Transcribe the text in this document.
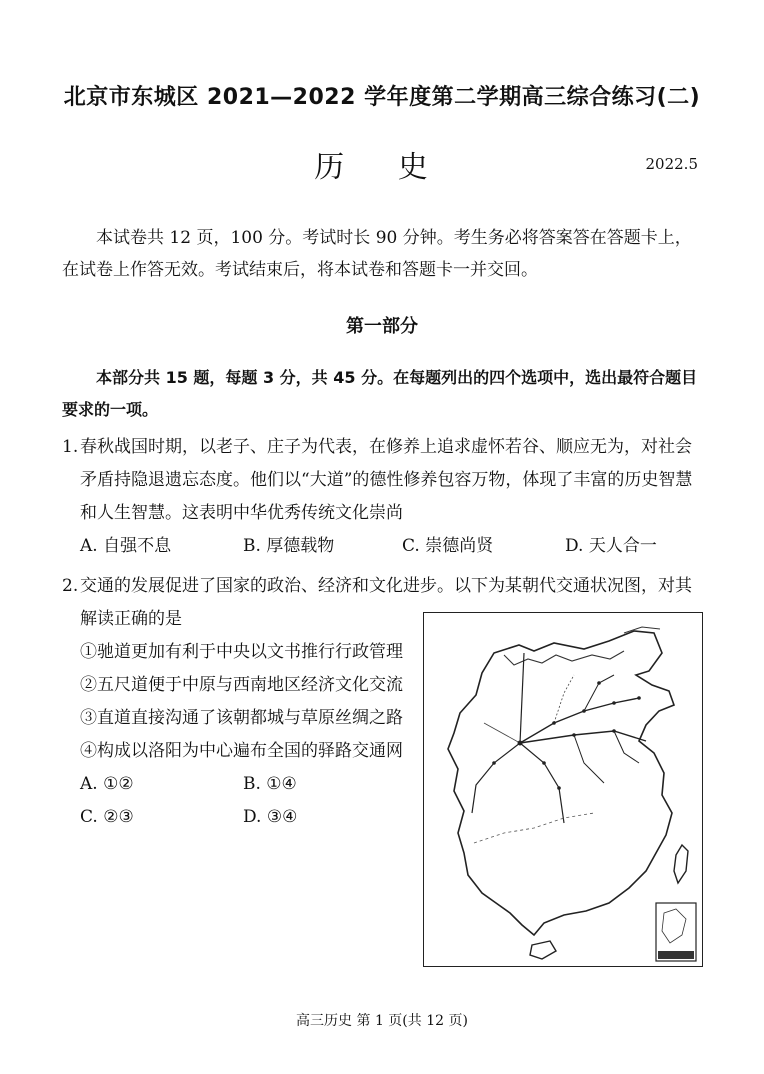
北京市东城区 2021—2022 学年度第二学期高三综合练习(二)
历 史	2022.5
本试卷共 12 页，100 分。考试时长 90 分钟。考生务必将答案答在答题卡上，在试卷上作答无效。考试结束后，将本试卷和答题卡一并交回。
第一部分
本部分共 15 题，每题 3 分，共 45 分。在每题列出的四个选项中，选出最符合题目要求的一项。
1. 春秋战国时期，以老子、庄子为代表，在修养上追求虚怀若谷、顺应无为，对社会矛盾持隐退遗忘态度。他们以“大道”的德性修养包容万物，体现了丰富的历史智慧和人生智慧。这表明中华优秀传统文化崇尚
A. 自强不息	B. 厚德载物	C. 崇德尚贤	D. 天人合一
2. 交通的发展促进了国家的政治、经济和文化进步。以下为某朝代交通状况图，对其
解读正确的是
①驰道更加有利于中央以文书推行行政管理
②五尺道便于中原与西南地区经济文化交流
③直道直接沟通了该朝都城与草原丝绸之路
④构成以洛阳为中心遍布全国的驿路交通网
A. ①②	B. ①④
C. ②③	D. ③④
高三历史 第 1 页(共 12 页)
